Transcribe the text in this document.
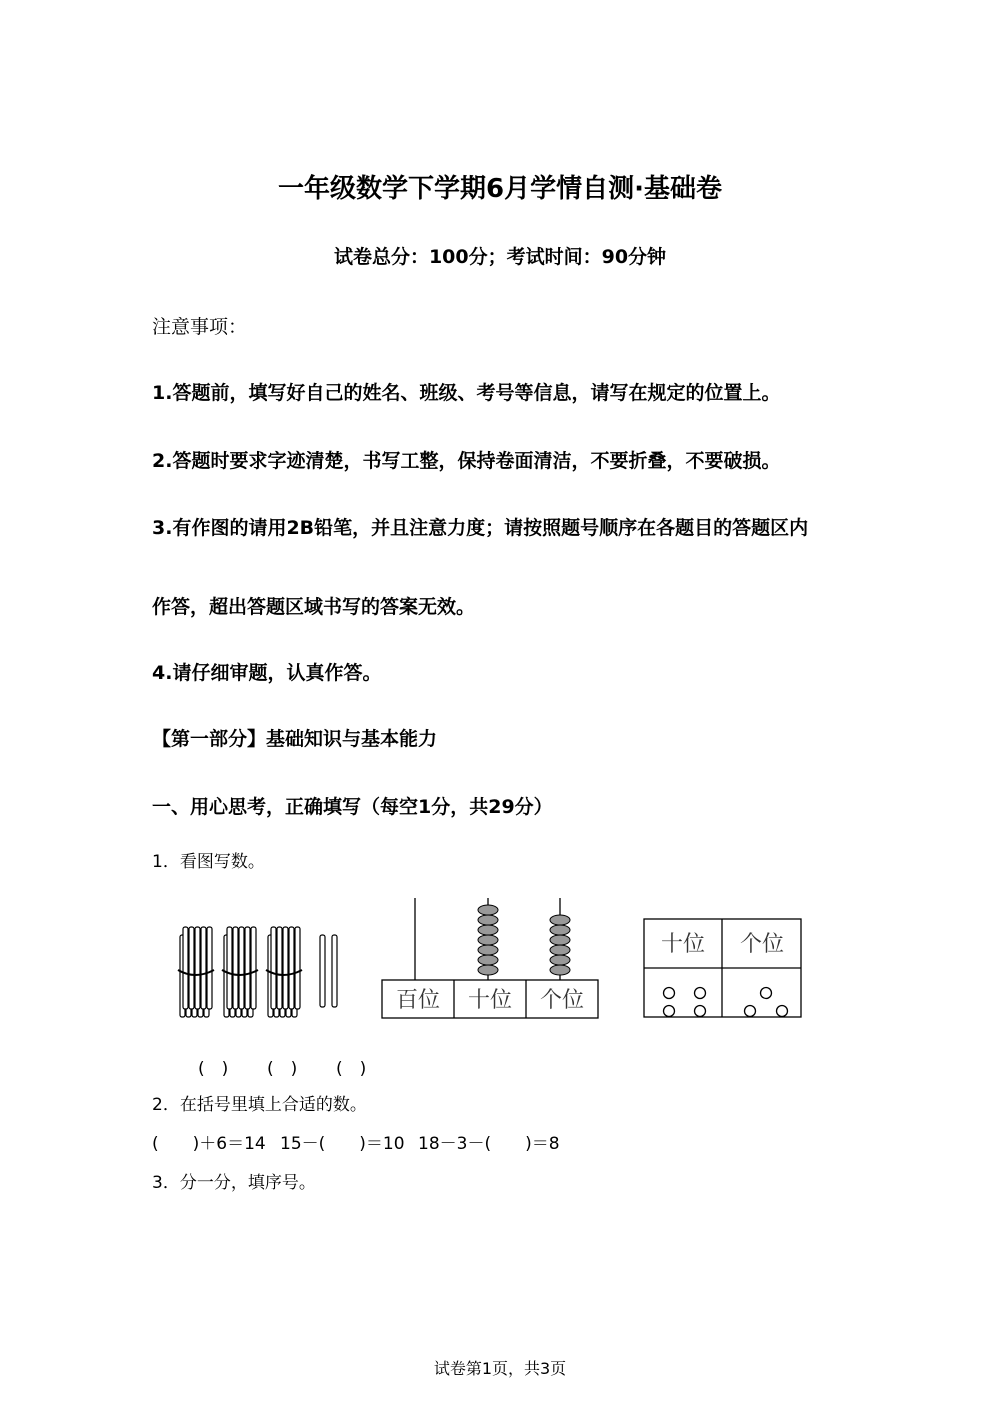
一年级数学下学期6月学情自测·基础卷
试卷总分：100分；考试时间：90分钟
注意事项：
1.答题前，填写好自己的姓名、班级、考号等信息，请写在规定的位置上。
2.答题时要求字迹清楚，书写工整，保持卷面清洁，不要折叠，不要破损。
3.有作图的请用2B铅笔，并且注意力度；请按照题号顺序在各题目的答题区内
作答，超出答题区域书写的答案无效。
4.请仔细审题，认真作答。
【第一部分】基础知识与基本能力
一、用心思考，正确填写（每空1分，共29分）
1．看图写数。
百位 十位 个位
十位 个位
(　) (　) (　)
2．在括号里填上合适的数。
(　　)＋6＝14 15－(　　)＝10 18－3－(　　)＝8
3．分一分，填序号。
试卷第1页，共3页
